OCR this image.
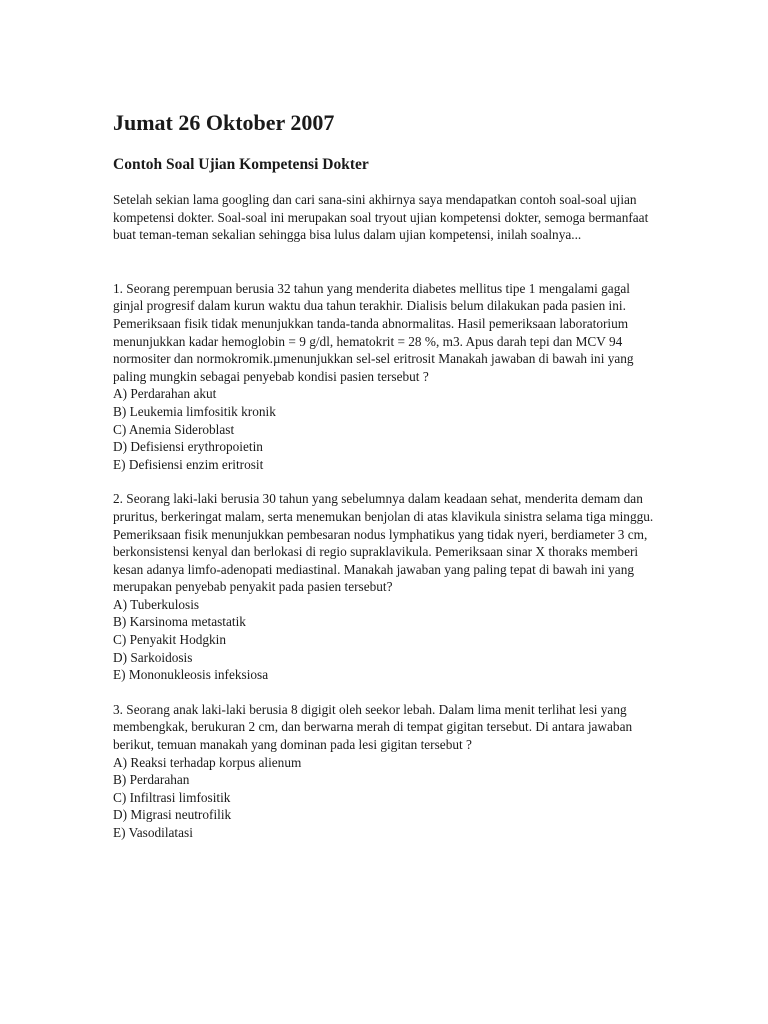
Jumat 26 Oktober 2007
Contoh Soal Ujian Kompetensi Dokter

Setelah sekian lama googling dan cari sana-sini akhirnya saya mendapatkan contoh soal-soal ujian kompetensi dokter. Soal-soal ini merupakan soal tryout ujian kompetensi dokter, semoga bermanfaat buat teman-teman sekalian sehingga bisa lulus dalam ujian kompetensi, inilah soalnya...

1. Seorang perempuan berusia 32 tahun yang menderita diabetes mellitus tipe 1 mengalami gagal ginjal progresif dalam kurun waktu dua tahun terakhir. Dialisis belum dilakukan pada pasien ini. Pemeriksaan fisik tidak menunjukkan tanda-tanda abnormalitas. Hasil pemeriksaan laboratorium menunjukkan kadar hemoglobin = 9 g/dl, hematokrit = 28 %, m3. Apus darah tepi dan MCV 94 normositer dan normokromik.µmenunjukkan sel-sel eritrosit Manakah jawaban di bawah ini yang paling mungkin sebagai penyebab kondisi pasien tersebut ?

A) Perdarahan akut
B) Leukemia limfositik kronik
C) Anemia Sideroblast
D) Defisiensi erythropoietin
E) Defisiensi enzim eritrosit

2. Seorang laki-laki berusia 30 tahun yang sebelumnya dalam keadaan sehat, menderita demam dan pruritus, berkeringat malam, serta menemukan benjolan di atas klavikula sinistra selama tiga minggu. Pemeriksaan fisik menunjukkan pembesaran nodus lymphatikus yang tidak nyeri, berdiameter 3 cm, berkonsistensi kenyal dan berlokasi di regio supraklavikula. Pemeriksaan sinar X thoraks memberi kesan adanya limfo-adenopati mediastinal. Manakah jawaban yang paling tepat di bawah ini yang merupakan penyebab penyakit pada pasien tersebut?

A) Tuberkulosis
B) Karsinoma metastatik
C) Penyakit Hodgkin
D) Sarkoidosis
E) Mononukleosis infeksiosa

3. Seorang anak laki-laki berusia 8 digigit oleh seekor lebah. Dalam lima menit terlihat lesi yang membengkak, berukuran 2 cm, dan berwarna merah di tempat gigitan tersebut. Di antara jawaban berikut, temuan manakah yang dominan pada lesi gigitan tersebut ?

A) Reaksi terhadap korpus alienum
B) Perdarahan
C) Infiltrasi limfositik
D) Migrasi neutrofilik
E) Vasodilatasi
